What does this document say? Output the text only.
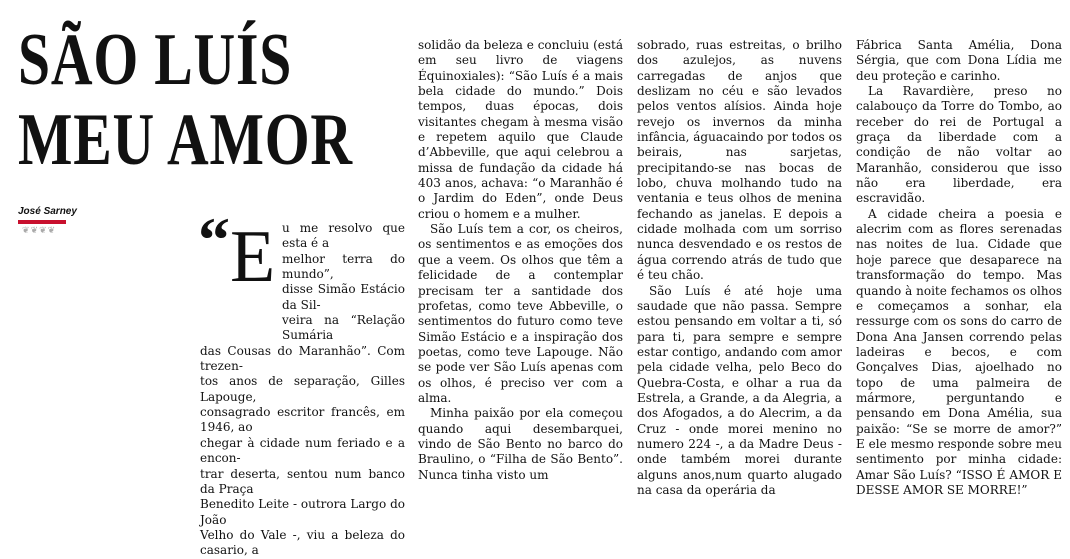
SÃO LUÍS
MEU AMOR
José Sarney
❦❦❦❦ “ E u me resolvo que esta é a
melhor terra do mundo”,
disse Simão Estácio da Sil-
veira na “Relação Sumária
das Cousas do Maranhão”. Com trezen-
tos anos de separação, Gilles Lapouge,
consagrado escritor francês, em 1946, ao
chegar à cidade num feriado e a encon-
trar deserta, sentou num banco da Praça
Benedito Leite - outrora Largo do João
Velho do Vale -, viu a beleza do casario, a

solidão da beleza e concluiu (está em seu livro de viagens Équinoxiales): “São Luís é a mais bela cidade do mundo.” Dois tempos, duas épocas, dois visitantes chegam à mesma visão e repetem aquilo que Claude d’Abbeville, que aqui celebrou a missa de fundação da cidade há 403 anos, achava: “o Maranhão é o Jardim do Eden”, onde Deus criou o homem e a mulher.

São Luís tem a cor, os cheiros, os sentimentos e as emoções dos que a veem. Os olhos que têm a felicidade de a contemplar precisam ter a santidade dos profetas, como teve Abbeville, o sentimentos do futuro como teve Simão Estácio e a inspiração dos poetas, como teve Lapouge. Não se pode ver São Luís apenas com os olhos, é preciso ver com a alma.

Minha paixão por ela começou quando aqui desembarquei, vindo de São Bento no barco do Braulino, o “Filha de São Bento”. Nunca tinha visto um

sobrado, ruas estreitas, o brilho dos azulejos, as nuvens carregadas de anjos que deslizam no céu e são levados pelos ventos alísios. Ainda hoje revejo os invernos da minha infância, águacaindo por todos os beirais, nas sarjetas, precipitando-se nas bocas de lobo, chuva molhando tudo na ventania e teus olhos de menina fechando as janelas. E depois a cidade molhada com um sorriso nunca desvendado e os restos de água correndo atrás de tudo que é teu chão.

São Luís é até hoje uma saudade que não passa. Sempre estou pensando em voltar a ti, só para ti, para sempre e sempre estar contigo, andando com amor pela cidade velha, pelo Beco do Quebra-Costa, e olhar a rua da Estrela, a Grande, a da Alegria, a dos Afogados, a do Alecrim, a da Cruz - onde morei menino no numero 224 -, a da Madre Deus - onde também morei durante alguns anos,num quarto alugado na casa da operária da

Fábrica Santa Amélia, Dona Sérgia, que com Dona Lídia me deu proteção e carinho.

La Ravardière, preso no calabouço da Torre do Tombo, ao receber do rei de Portugal a graça da liberdade com a condição de não voltar ao Maranhão, considerou que isso não era liberdade, era escravidão.

A cidade cheira a poesia e alecrim com as flores serenadas nas noites de lua. Cidade que hoje parece que desaparece na transformação do tempo. Mas quando à noite fechamos os olhos e começamos a sonhar, ela ressurge com os sons do carro de Dona Ana Jansen correndo pelas ladeiras e becos, e com Gonçalves Dias, ajoelhado no topo de uma palmeira de mármore, perguntando e pensando em Dona Amélia, sua paixão: “Se se morre de amor?” E ele mesmo responde sobre meu sentimento por minha cidade: Amar São Luís? “ISSO É AMOR E DESSE AMOR SE MORRE!”
